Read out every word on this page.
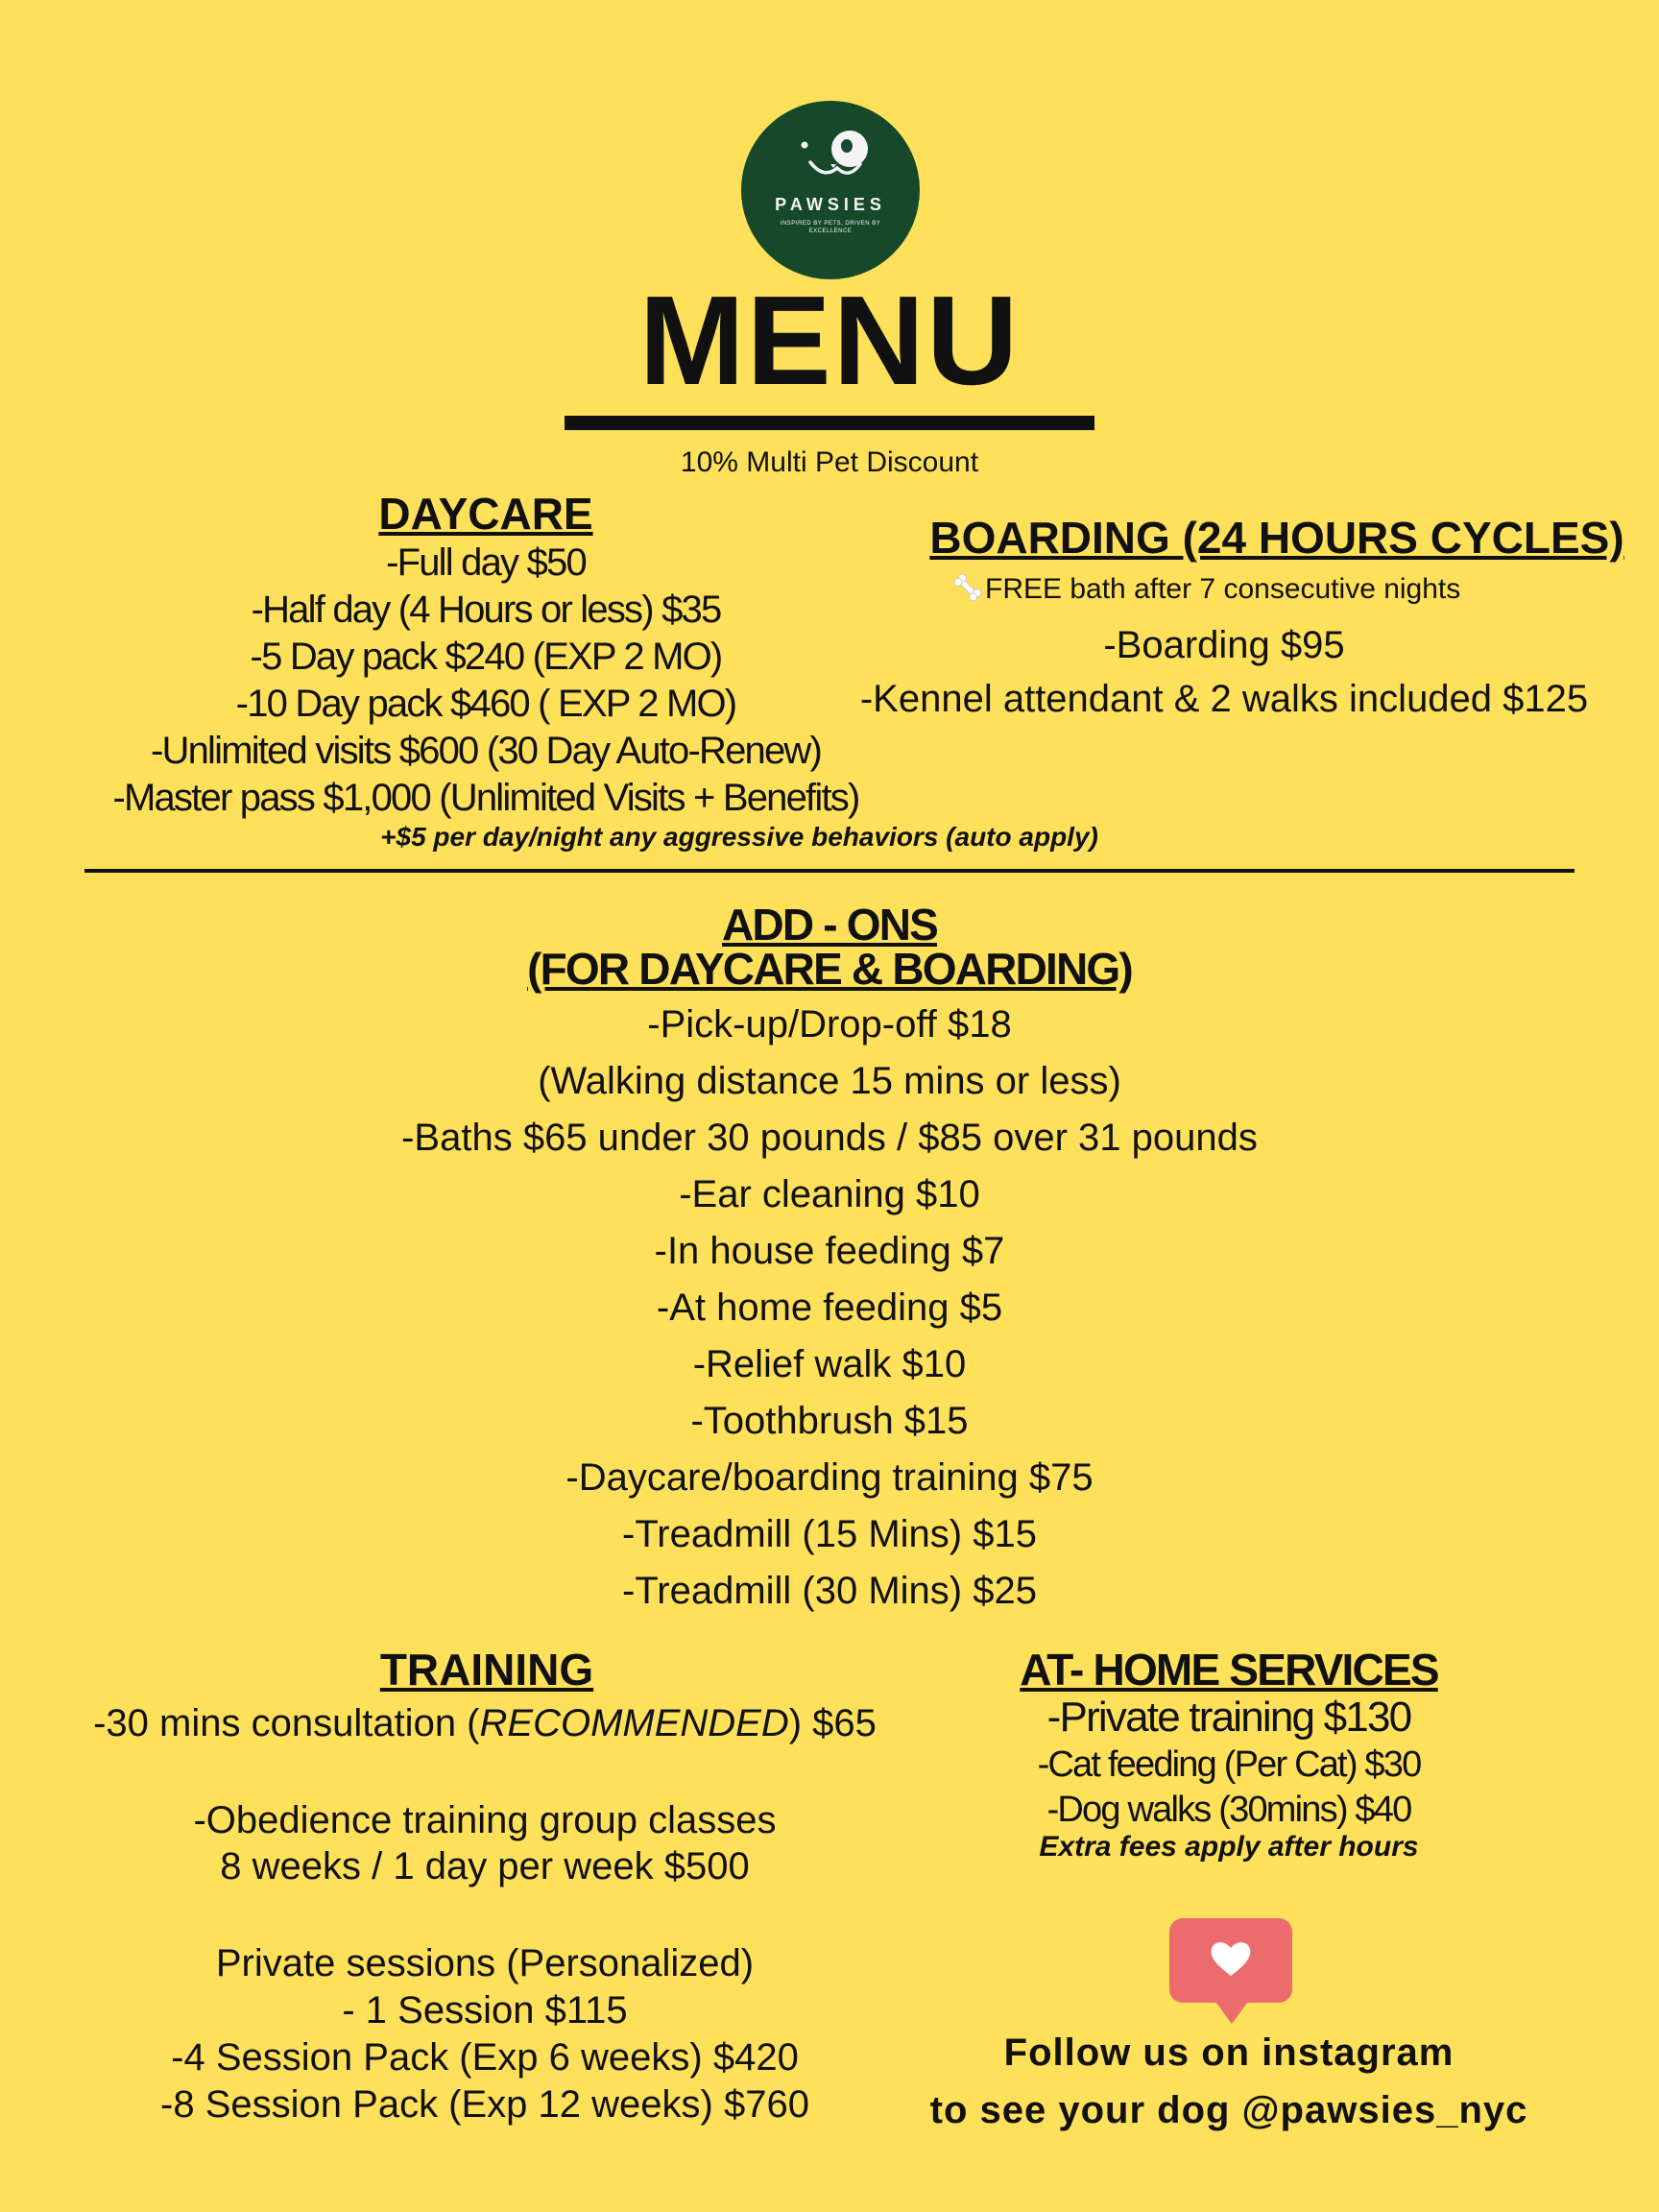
PAWSIES
INSPIRED BY PETS, DRIVEN BY EXCELLENCE
MENU
10% Multi Pet Discount
DAYCARE
-Full day $50
-Half day (4 Hours or less) $35
-5 Day pack $240 (EXP 2 MO)
-10 Day pack $460 ( EXP 2 MO)
-Unlimited visits $600 (30 Day Auto-Renew)
-Master pass $1,000 (Unlimited Visits + Benefits)
+$5 per day/night any aggressive behaviors (auto apply)
BOARDING (24 HOURS CYCLES)
FREE bath after 7 consecutive nights
-Boarding $95
-Kennel attendant & 2 walks included $125
ADD - ONS
(FOR DAYCARE & BOARDING)
-Pick-up/Drop-off $18
(Walking distance 15 mins or less)
-Baths $65 under 30 pounds / $85 over 31 pounds
-Ear cleaning $10
-In house feeding $7
-At home feeding $5
-Relief walk $10
-Toothbrush $15
-Daycare/boarding training $75
-Treadmill (15 Mins) $15
-Treadmill (30 Mins) $25
TRAINING
-30 mins consultation (RECOMMENDED) $65
-Obedience training group classes
8 weeks / 1 day per week $500
Private sessions (Personalized)
- 1 Session $115
-4 Session Pack (Exp 6 weeks) $420
-8 Session Pack (Exp 12 weeks) $760
AT- HOME SERVICES
-Private training $130
-Cat feeding (Per Cat) $30
-Dog walks (30mins) $40
Extra fees apply after hours
Follow us on instagram
to see your dog @pawsies_nyc
